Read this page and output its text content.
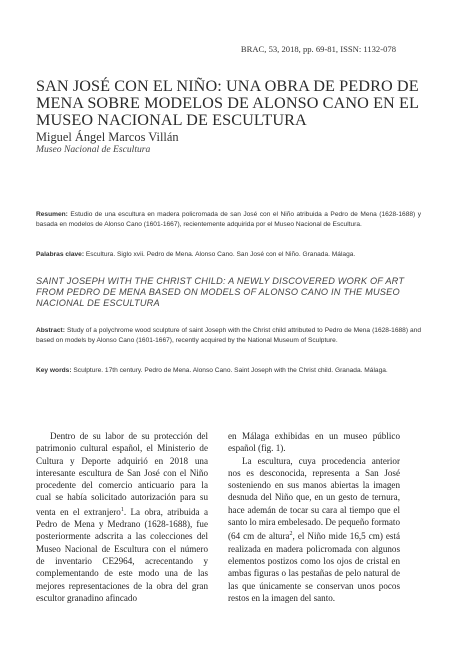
BRAC, 53, 2018, pp. 69-81, ISSN: 1132-078
SAN JOSÉ CON EL NIÑO: UNA OBRA DE PEDRO DE MENA SOBRE MODELOS DE ALONSO CANO EN EL MUSEO NACIONAL DE ESCULTURA
Miguel Ángel Marcos Villán
Museo Nacional de Escultura
Resumen: Estudio de una escultura en madera policromada de san José con el Niño atribuida a Pedro de Mena (1628-1688) y basada en modelos de Alonso Cano (1601-1667), recientemente adquirida por el Museo Nacional de Escultura.
Palabras clave: Escultura. Siglo xvii. Pedro de Mena. Alonso Cano. San José con el Niño. Granada. Málaga.
SAINT JOSEPH WITH THE CHRIST CHILD: A NEWLY DISCOVERED WORK OF ART FROM PEDRO DE MENA BASED ON MODELS OF ALONSO CANO IN THE MUSEO NACIONAL DE ESCULTURA
Abstract: Study of a polychrome wood sculpture of saint Joseph with the Christ child attributed to Pedro de Mena (1628-1688) and based on models by Alonso Cano (1601-1667), recently acquired by the National Museum of Sculpture.
Key words: Sculpture. 17th century. Pedro de Mena. Alonso Cano. Saint Joseph with the Christ child. Granada. Málaga.

Dentro de su labor de su protección del patrimonio cultural español, el Ministerio de Cultura y Deporte adquirió en 2018 una interesante escultura de San José con el Niño procedente del comercio anticuario para la cual se había solicitado autorización para su venta en el extranjero$^1$. La obra, atribuida a Pedro de Mena y Medrano (1628-1688), fue posteriormente adscrita a las colecciones del Museo Nacional de Escultura con el número de inventario CE2964, acrecentando y complementando de este modo una de las mejores representaciones de la obra del gran escultor granadino afincado

en Málaga exhibidas en un museo público español (fig. 1).

La escultura, cuya procedencia anterior nos es desconocida, representa a San José sosteniendo en sus manos abiertas la imagen desnuda del Niño que, en un gesto de ternura, hace ademán de tocar su cara al tiempo que el santo lo mira embelesado. De pequeño formato (64 cm de altura$^2$, el Niño mide 16,5 cm) está realizada en madera policromada con algunos elementos postizos como los ojos de cristal en ambas figuras o las pestañas de pelo natural de las que únicamente se conservan unos pocos restos en la imagen del santo.
